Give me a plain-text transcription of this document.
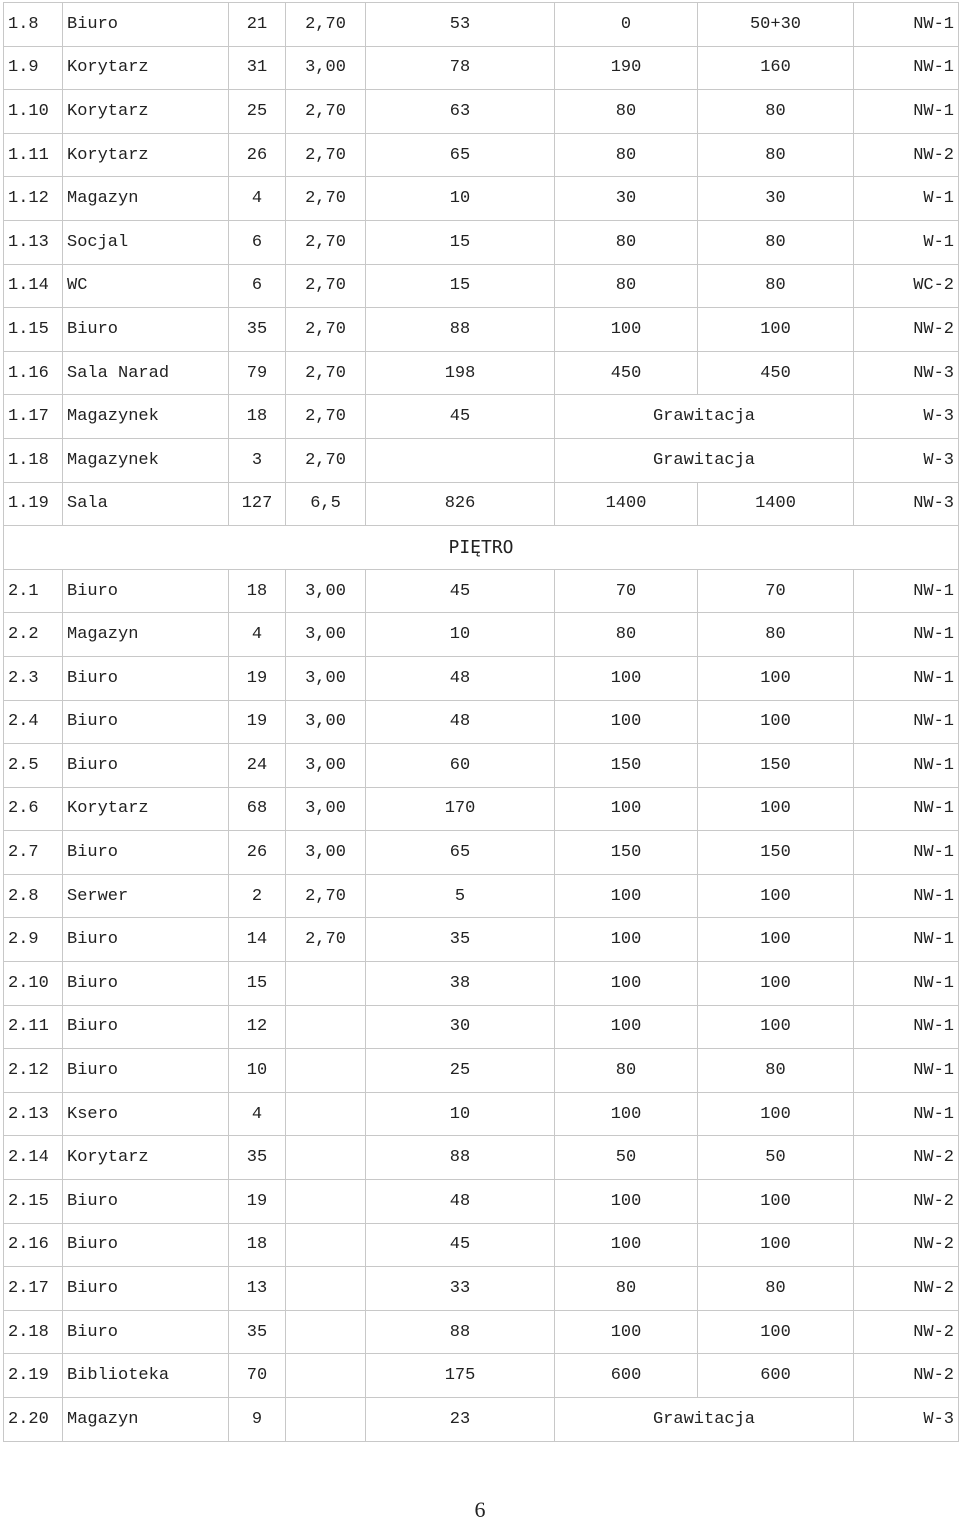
1.8	Biuro	21	2,70	53	0	50+30	NW-1
1.9	Korytarz	31	3,00	78	190	160	NW-1
1.10	Korytarz	25	2,70	63	80	80	NW-1
1.11	Korytarz	26	2,70	65	80	80	NW-2
1.12	Magazyn	4	2,70	10	30	30	W-1
1.13	Socjal	6	2,70	15	80	80	W-1
1.14	WC	6	2,70	15	80	80	WC-2
1.15	Biuro	35	2,70	88	100	100	NW-2
1.16	Sala Narad	79	2,70	198	450	450	NW-3
1.17	Magazynek	18	2,70	45	Grawitacja		W-3
1.18	Magazynek	3	2,70		Grawitacja		W-3
1.19	Sala	127	6,5	826	1400	1400	NW-3
PIĘTRO							
2.1	Biuro	18	3,00	45	70	70	NW-1
2.2	Magazyn	4	3,00	10	80	80	NW-1
2.3	Biuro	19	3,00	48	100	100	NW-1
2.4	Biuro	19	3,00	48	100	100	NW-1
2.5	Biuro	24	3,00	60	150	150	NW-1
2.6	Korytarz	68	3,00	170	100	100	NW-1
2.7	Biuro	26	3,00	65	150	150	NW-1
2.8	Serwer	2	2,70	5	100	100	NW-1
2.9	Biuro	14	2,70	35	100	100	NW-1
2.10	Biuro	15		38	100	100	NW-1
2.11	Biuro	12		30	100	100	NW-1
2.12	Biuro	10		25	80	80	NW-1
2.13	Ksero	4		10	100	100	NW-1
2.14	Korytarz	35		88	50	50	NW-2
2.15	Biuro	19		48	100	100	NW-2
2.16	Biuro	18		45	100	100	NW-2
2.17	Biuro	13		33	80	80	NW-2
2.18	Biuro	35		88	100	100	NW-2
2.19	Biblioteka	70		175	600	600	NW-2
2.20	Magazyn	9		23	Grawitacja		W-3
6
